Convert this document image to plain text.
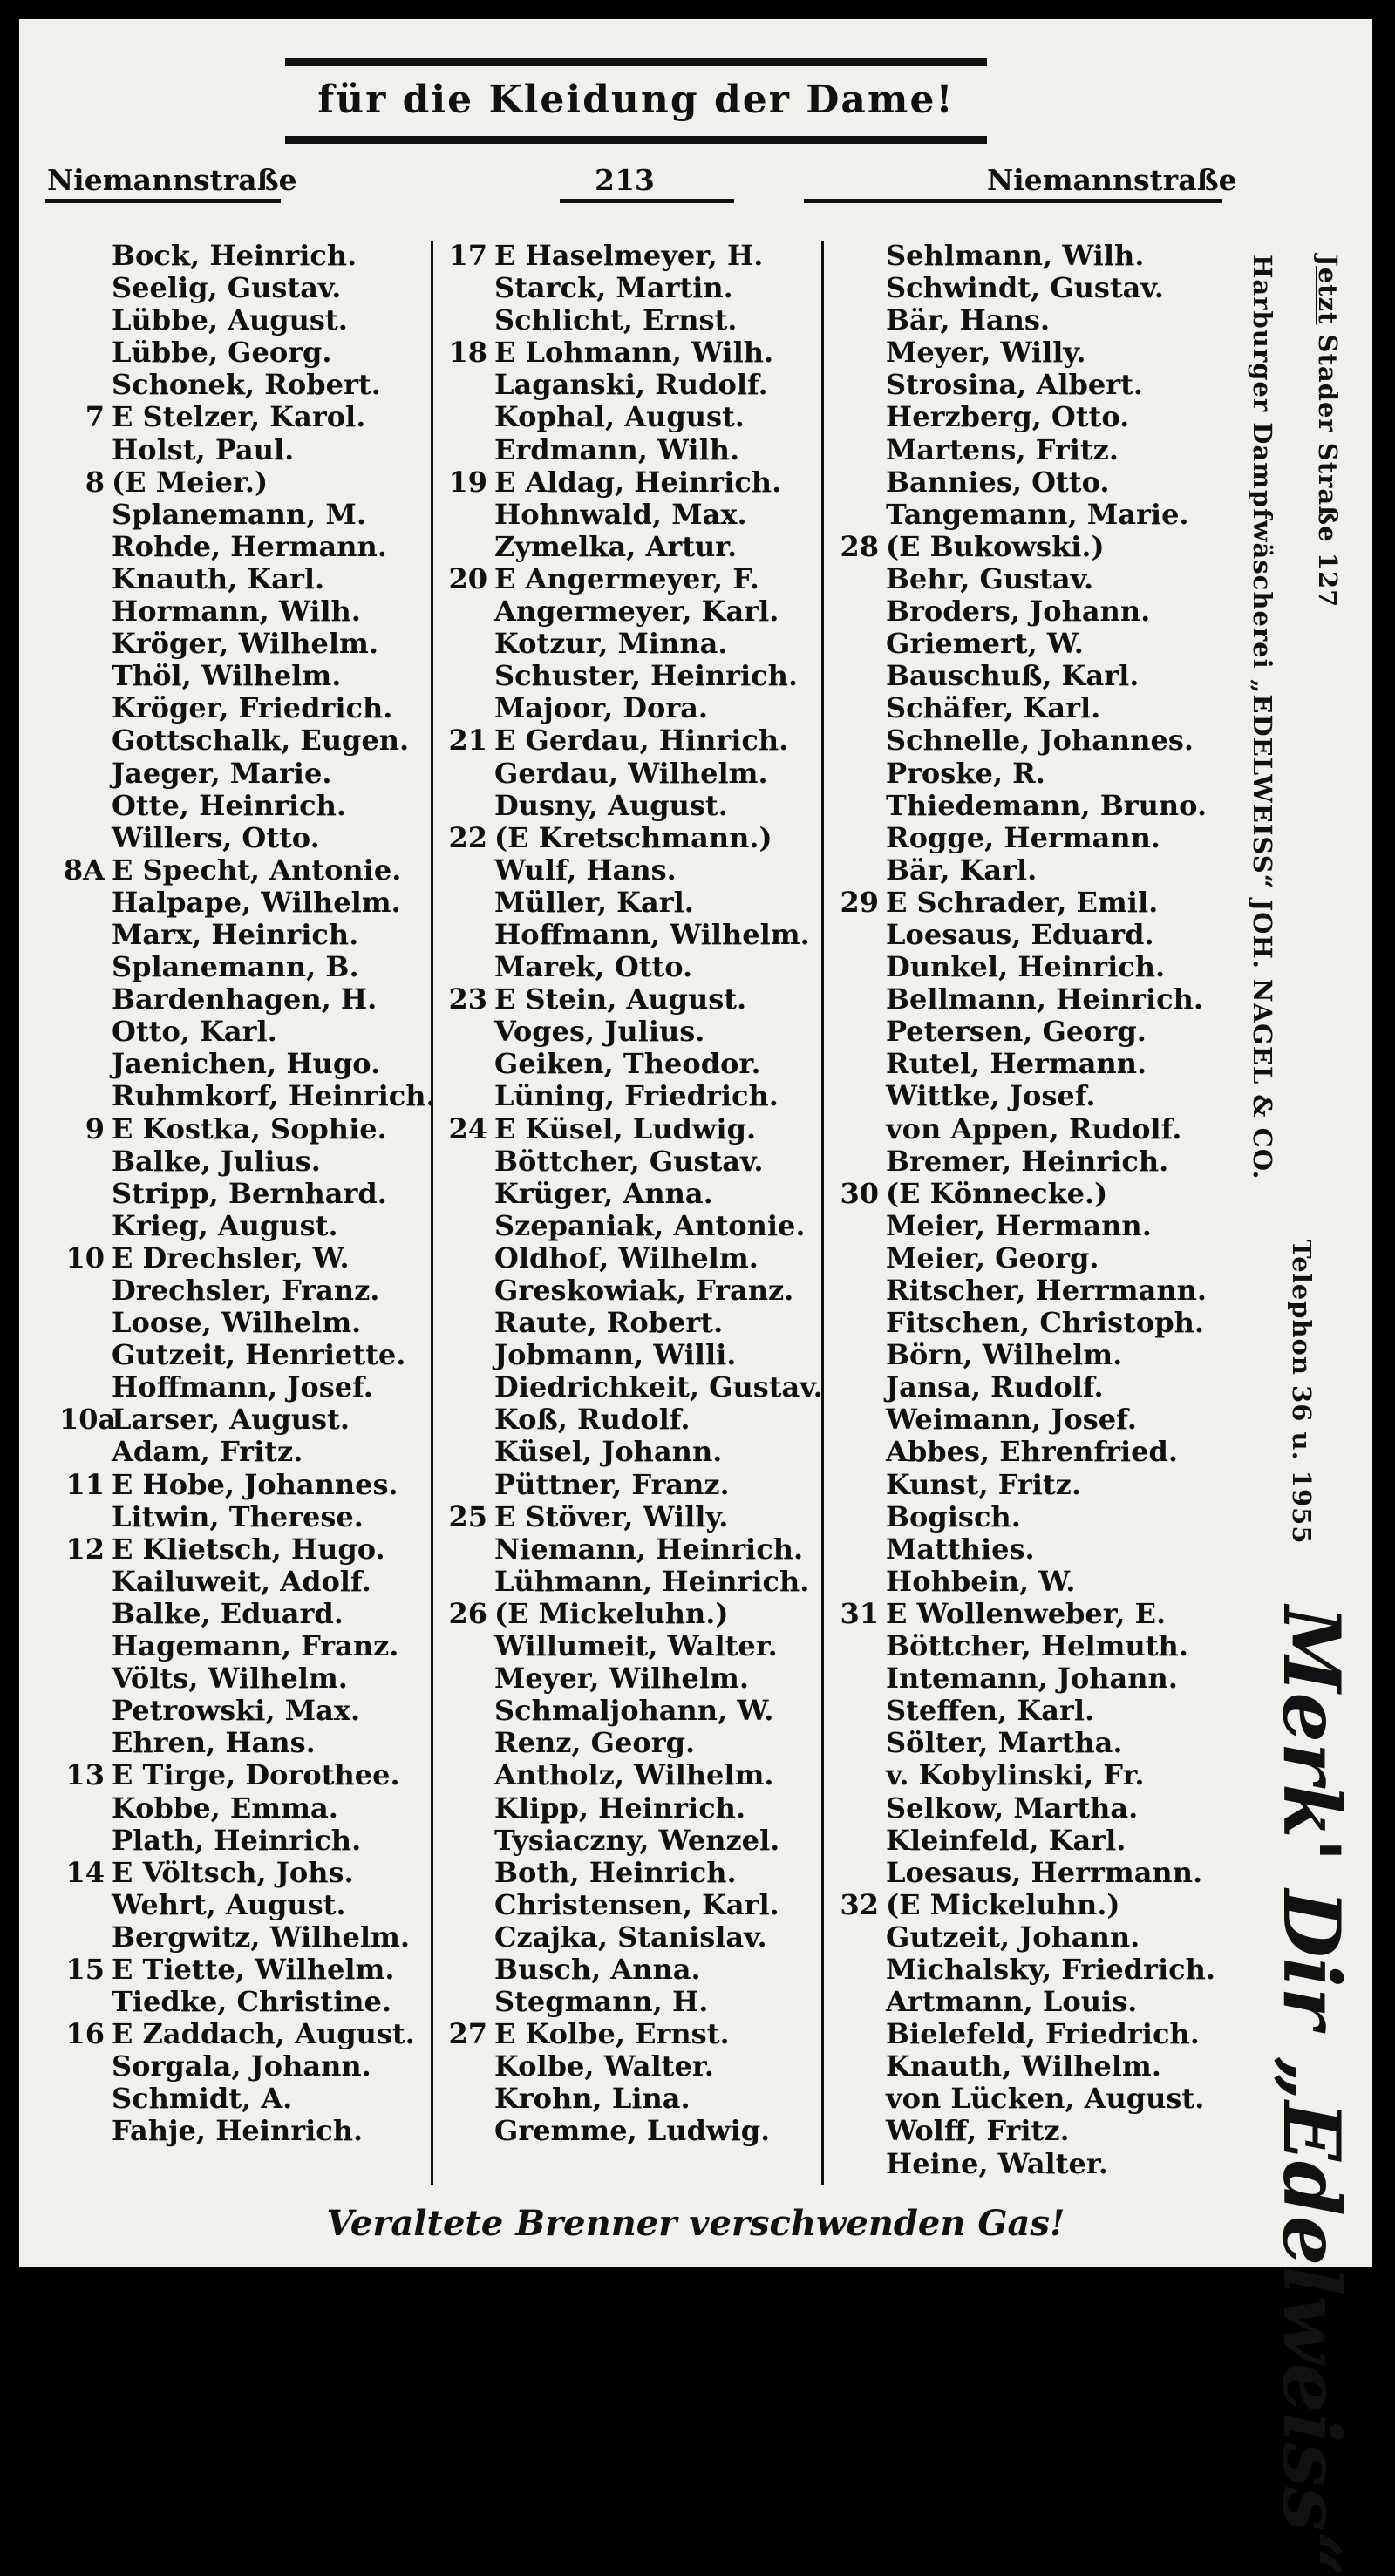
für die Kleidung der Dame!
Niemannstraße	213	Niemannstraße
Bock, Heinrich.
Seelig, Gustav.
Lübbe, August.
Lübbe, Georg.
Schonek, Robert.
7 E Stelzer, Karol.
Holst, Paul.
8 (E Meier.)
Splanemann, M.
Rohde, Hermann.
Knauth, Karl.
Hormann, Wilh.
Kröger, Wilhelm.
Thöl, Wilhelm.
Kröger, Friedrich.
Gottschalk, Eugen.
Jaeger, Marie.
Otte, Heinrich.
Willers, Otto.
8A E Specht, Antonie.
Halpape, Wilhelm.
Marx, Heinrich.
Splanemann, B.
Bardenhagen, H.
Otto, Karl.
Jaenichen, Hugo.
Ruhmkorf, Heinrich.
9 E Kostka, Sophie.
Balke, Julius.
Stripp, Bernhard.
Krieg, August.
10 E Drechsler, W.
Drechsler, Franz.
Loose, Wilhelm.
Gutzeit, Henriette.
Hoffmann, Josef.
10a
Larser, August.
Adam, Fritz.
11 E Hobe, Johannes.
Litwin, Therese.
12 E Klietsch, Hugo.
Kailuweit, Adolf.
Balke, Eduard.
Hagemann, Franz.
Völts, Wilhelm.
Petrowski, Max.
Ehren, Hans.
13 E Tirge, Dorothee.
Kobbe, Emma.
Plath, Heinrich.
14 E Völtsch, Johs.
Wehrt, August.
Bergwitz, Wilhelm.
15 E Tiette, Wilhelm.
Tiedke, Christine.
16 E Zaddach, August.
Sorgala, Johann.
Schmidt, A.
Fahje, Heinrich.
17 E Haselmeyer, H.
Starck, Martin.
Schlicht, Ernst.
18 E Lohmann, Wilh.
Laganski, Rudolf.
Kophal, August.
Erdmann, Wilh.
19 E Aldag, Heinrich.
Hohnwald, Max.
Zymelka, Artur.
20 E Angermeyer, F.
Angermeyer, Karl.
Kotzur, Minna.
Schuster, Heinrich.
Majoor, Dora.
21 E Gerdau, Hinrich.
Gerdau, Wilhelm.
Dusny, August.
22 (E Kretschmann.)
Wulf, Hans.
Müller, Karl.
Hoffmann, Wilhelm.
Marek, Otto.
23 E Stein, August.
Voges, Julius.
Geiken, Theodor.
Lüning, Friedrich.
24 E Küsel, Ludwig.
Böttcher, Gustav.
Krüger, Anna.
Szepaniak, Antonie.
Oldhof, Wilhelm.
Greskowiak, Franz.
Raute, Robert.
Jobmann, Willi.
Diedrichkeit, Gustav.
Koß, Rudolf.
Küsel, Johann.
Püttner, Franz.
25 E Stöver, Willy.
Niemann, Heinrich.
Lühmann, Heinrich.
26 (E Mickeluhn.)
Willumeit, Walter.
Meyer, Wilhelm.
Schmaljohann, W.
Renz, Georg.
Antholz, Wilhelm.
Klipp, Heinrich.
Tysiaczny, Wenzel.
Both, Heinrich.
Christensen, Karl.
Czajka, Stanislav.
Busch, Anna.
Stegmann, H.
27 E Kolbe, Ernst.
Kolbe, Walter.
Krohn, Lina.
Gremme, Ludwig.
Sehlmann, Wilh.
Schwindt, Gustav.
Bär, Hans.
Meyer, Willy.
Strosina, Albert.
Herzberg, Otto.
Martens, Fritz.
Bannies, Otto.
Tangemann, Marie.
28 (E Bukowski.)
Behr, Gustav.
Broders, Johann.
Griemert, W.
Bauschuß, Karl.
Schäfer, Karl.
Schnelle, Johannes.
Proske, R.
Thiedemann, Bruno.
Rogge, Hermann.
Bär, Karl.
29 E Schrader, Emil.
Loesaus, Eduard.
Dunkel, Heinrich.
Bellmann, Heinrich.
Petersen, Georg.
Rutel, Hermann.
Wittke, Josef.
von Appen, Rudolf.
Bremer, Heinrich.
30 (E Könnecke.)
Meier, Hermann.
Meier, Georg.
Ritscher, Herrmann.
Fitschen, Christoph.
Börn, Wilhelm.
Jansa, Rudolf.
Weimann, Josef.
Abbes, Ehrenfried.
Kunst, Fritz.
Bogisch.
Matthies.
Hohbein, W.
31 E Wollenweber, E.
Böttcher, Helmuth.
Intemann, Johann.
Steffen, Karl.
Sölter, Martha.
v. Kobylinski, Fr.
Selkow, Martha.
Kleinfeld, Karl.
Loesaus, Herrmann.
32 (E Mickeluhn.)
Gutzeit, Johann.
Michalsky, Friedrich.
Artmann, Louis.
Bielefeld, Friedrich.
Knauth, Wilhelm.
von Lücken, August.
Wolff, Fritz.
Heine, Walter.
Harburger Dampfwäscherei „EDELWEISS“ JOH. NAGEL & CO.
Jetzt Stader Straße 127
Telephon 36 u. 1955
Merk' Dir „Edelweiss“
Veraltete Brenner verschwenden Gas!
